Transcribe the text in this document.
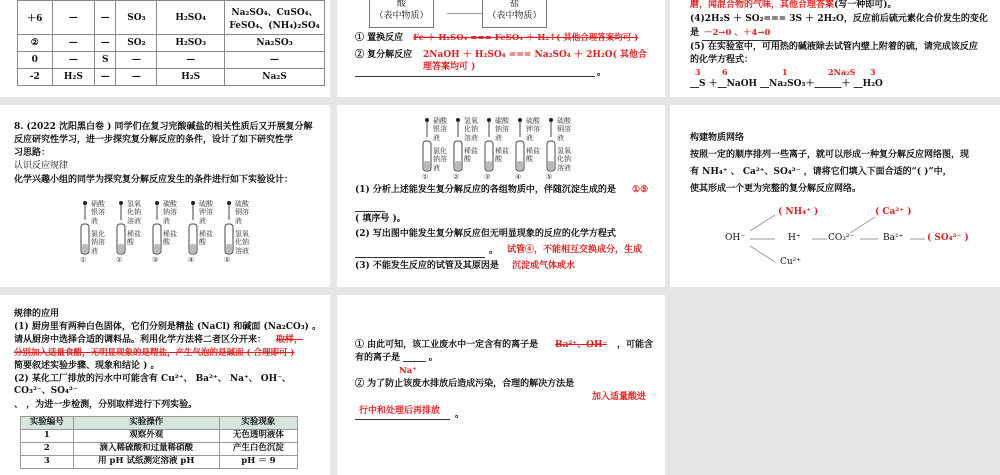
＋6	—	—	SO₃	H₂SO₄	Na₂SO₄、CuSO₄、FeSO₄、(NH₄)₂SO₄
②	—	—	SO₂	H₂SO₃	Na₂SO₃
0	—	S	—	—	—
-2	H₂S	—	—	H₂S	Na₂S
酸
（表中物质）
盐
（表中物质）
① 置换反应 Fe ＋ H₂SO₄ === FeSO₄ ＋ H₂↑( 其他合理答案均可 )
② 复分解反应 2NaOH ＋ H₂SO₄ === Na₂SO₄ ＋ 2H₂O( 其他合理答案均可 )
。
磨，闻混合物的气味，其他合理答案(写一种即可)。
(4)2H₂S ＋ SO₂=== 3S ＋ 2H₂O，反应前后硫元素化合价发生的变化
是 －2→0 、＋4→0
(5) 在实验室中，可用热的碱液除去试管内壁上附着的硫，请完成该反应
的化学方程式：
3	6	1	2Na₂S 3
__S ＋__NaOH __Na₂SO₃＋______＋ __H₂O
8. (2022 沈阳黑白卷 ) 同学们在复习完酸碱盐的相关性质后又开展复分解
反应研究性学习，进一步探究复分解反应的条件，设计了如下研究性学
习思路：
认识反应规律
化学兴趣小组的同学为探究复分解反应发生的条件进行如下实验设计：
硝酸银溶液
氯化钠溶液
①
氢氧化钠溶液
稀盐酸
②
碳酸钠溶液
稀盐酸
③
硫酸钾溶液
稀盐酸
④
硫酸铜溶液
氢氧化钠溶液
⑤
硝酸银溶液
氯化钠溶液
①
氢氧化钠溶液
稀盐酸
②
碳酸钠溶液
稀盐酸
③
硫酸钾溶液
稀盐酸
④
硫酸铜溶液
氢氧化钠溶液
⑤
(1) 分析上述能发生复分解反应的各组物质中，伴随沉淀生成的是 ①⑤
( 填序号 )。
(2) 写出图中能发生复分解反应但无明显现象的反应的化学方程式
。 试管④，不能相互交换成分，生成
(3) 不能发生反应的试管及其原因是 沉淀或气体或水
构建物质网络
按照一定的顺序排列一些离子，就可以形成一种复分解反应网络图，现
有 NH₄⁺ 、 Ca²⁺、SO₄²⁻ ，请将它们填入下面合适的“( )”中，
使其形成一个更为完整的复分解反应网络。
OH⁻	H⁺	CO₃²⁻	Ba²⁺
Cu²⁺
( NH₄⁺ )	( Ca²⁺ )
( SO₄²⁻ )
规律的应用
(1) 厨房里有两种白色固体，它们分别是精盐 (NaCl) 和碱面 (Na₂CO₃) 。
请从厨房中选择合适的调料品。利用化学方法将二者区分开来： 取样，
分别加入适量食醋，无明显现象的是精盐，产生气泡的是碱面 ( 合理即可 )
简要叙述实验步骤、现象和结论 ) 。
(2) 某化工厂排放的污水中可能含有 Cu²⁺、 Ba²⁺、 Na⁺、 OH⁻、CO₃²⁻、SO₄²⁻
、 ，为进一步检测，分别取样进行下列实验。
实验编号	实验操作	实验现象
1	观察外观	无色透明液体
2	滴入稀硫酸和过量稀硝酸	产生白色沉淀
3	用 pH 试纸测定溶液 pH	pH ＝ 9
① 由此可知，该工业废水中一定含有的离子是 Ba²⁺、OH⁻ ，可能含
有的离子是 _____ 。
Na⁺
② 为了防止该废水排放后造成污染，合理的解决方法是
加入适量酸进
行中和处理后再排放 。
